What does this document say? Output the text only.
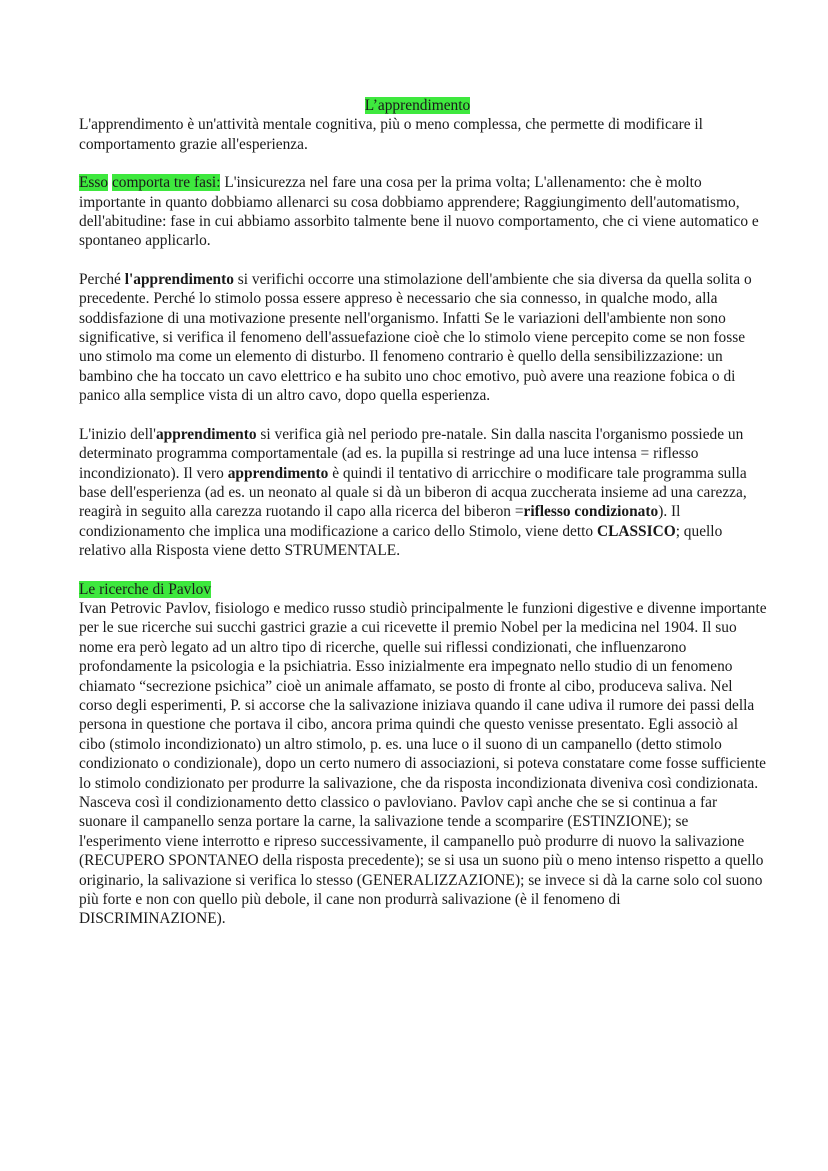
L’apprendimento

L'apprendimento è un'attività mentale cognitiva, più o meno complessa, che permette di modificare il comportamento grazie all'esperienza.

Esso comporta tre fasi: L'insicurezza nel fare una cosa per la prima volta; L'allenamento: che è molto importante in quanto dobbiamo allenarci su cosa dobbiamo apprendere; Raggiungimento dell'automatismo, dell'abitudine: fase in cui abbiamo assorbito talmente bene il nuovo comportamento, che ci viene automatico e spontaneo applicarlo.

Perché l'apprendimento si verifichi occorre una stimolazione dell'ambiente che sia diversa da quella solita o precedente. Perché lo stimolo possa essere appreso è necessario che sia connesso, in qualche modo, alla soddisfazione di una motivazione presente nell'organismo. Infatti Se le variazioni dell'ambiente non sono significative, si verifica il fenomeno dell'assuefazione cioè che lo stimolo viene percepito come se non fosse uno stimolo ma come un elemento di disturbo. Il fenomeno contrario è quello della sensibilizzazione: un bambino che ha toccato un cavo elettrico e ha subito uno choc emotivo, può avere una reazione fobica o di panico alla semplice vista di un altro cavo, dopo quella esperienza.

L'inizio dell'apprendimento si verifica già nel periodo pre-natale. Sin dalla nascita l'organismo possiede un determinato programma comportamentale (ad es. la pupilla si restringe ad una luce intensa = riflesso incondizionato). Il vero apprendimento è quindi il tentativo di arricchire o modificare tale programma sulla base dell'esperienza (ad es. un neonato al quale si dà un biberon di acqua zuccherata insieme ad una carezza, reagirà in seguito alla carezza ruotando il capo alla ricerca del biberon =riflesso condizionato). Il condizionamento che implica una modificazione a carico dello Stimolo, viene detto CLASSICO; quello relativo alla Risposta viene detto STRUMENTALE.

Le ricerche di Pavlov

Ivan Petrovic Pavlov, fisiologo e medico russo studiò principalmente le funzioni digestive e divenne importante per le sue ricerche sui succhi gastrici grazie a cui ricevette il premio Nobel per la medicina nel 1904. Il suo nome era però legato ad un altro tipo di ricerche, quelle sui riflessi condizionati, che influenzarono profondamente la psicologia e la psichiatria. Esso inizialmente era impegnato nello studio di un fenomeno chiamato “secrezione psichica” cioè un animale affamato, se posto di fronte al cibo, produceva saliva. Nel corso degli esperimenti, P. si accorse che la salivazione iniziava quando il cane udiva il rumore dei passi della persona in questione che portava il cibo, ancora prima quindi che questo venisse presentato. Egli associò al cibo (stimolo incondizionato) un altro stimolo, p. es. una luce o il suono di un campanello (detto stimolo condizionato o condizionale), dopo un certo numero di associazioni, si poteva constatare come fosse sufficiente lo stimolo condizionato per produrre la salivazione, che da risposta incondizionata diveniva così condizionata. Nasceva così il condizionamento detto classico o pavloviano. Pavlov capì anche che se si continua a far suonare il campanello senza portare la carne, la salivazione tende a scomparire (ESTINZIONE); se l'esperimento viene interrotto e ripreso successivamente, il campanello può produrre di nuovo la salivazione (RECUPERO SPONTANEO della risposta precedente); se si usa un suono più o meno intenso rispetto a quello originario, la salivazione si verifica lo stesso (GENERALIZZAZIONE); se invece si dà la carne solo col suono più forte e non con quello più debole, il cane non produrrà salivazione (è il fenomeno di DISCRIMINAZIONE).
